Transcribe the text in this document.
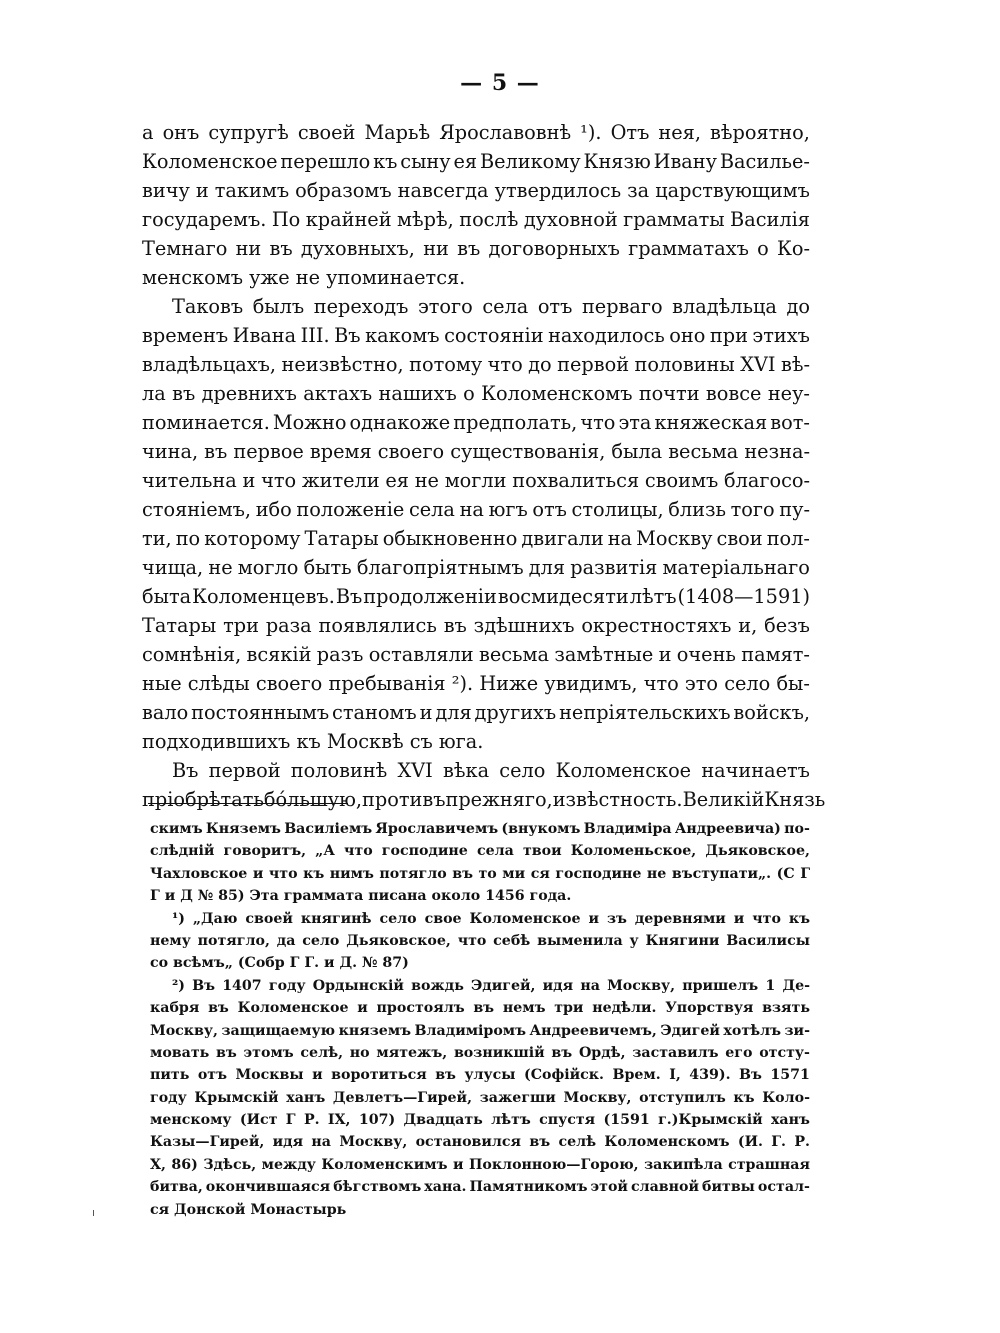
— 5 —
а онъ супругѣ своей Марьѣ Ярославовнѣ ¹). Отъ нея, вѣроятно,
Коломенское перешло къ сыну ея Великому Князю Ивану Василье-
вичу и такимъ образомъ навсегда утвердилось за царствующимъ
государемъ. По крайней мѣрѣ, послѣ духовной грамматы Василія
Темнаго ни въ духовныхъ, ни въ договорныхъ грамматахъ о Ко-
менскомъ уже не упоминается.
Таковъ былъ переходъ этого села отъ перваго владѣльца до
временъ Ивана III. Въ какомъ состояніи находилось оно при этихъ
владѣльцахъ, неизвѣстно, потому что до первой половины XVI вѣ-
ла въ древнихъ актахъ нашихъ о Коломенскомъ почти вовсе неу-
поминается. Можно однакоже предполать, что эта княжеская вот-
чина, въ первое время своего существованія, была весьма незна-
чительна и что жители ея не могли похвалиться своимъ благосо-
стояніемъ, ибо положеніе села на югъ отъ столицы, близь того пу-
ти, по которому Татары обыкновенно двигали на Москву свои пол-
чища, не могло быть благопріятнымъ для развитія матеріальнаго
быта Коломенцевъ. Въ продолженіи восмидесяти лѣтъ (1408—1591)
Татары три раза появлялись въ здѣшнихъ окрестностяхъ и, безъ
сомнѣнія, всякій разъ оставляли весьма замѣтные и очень памят-
ные слѣды своего пребыванія ²). Ниже увидимъ, что это село бы-
вало постояннымъ станомъ и для другихъ непріятельскихъ войскъ,
подходившихъ къ Москвѣ съ юга.
Въ первой половинѣ XVI вѣка село Коломенское начинаетъ
пріобрѣтать бо́льшую, противъ прежняго, извѣстность. Великій Князь
скимъ Княземъ Василіемъ Ярославичемъ (внукомъ Владиміра Андреевича) по-
слѣдній говоритъ, „А что господине села твои Коломеньское, Дьяковское,
Чахловское и что къ нимъ потягло въ то ми ся господине не въступати„. (С Г
Г и Д № 85) Эта граммата писана около 1456 года.
¹) „Даю своей княгинѣ село свое Коломенское и зъ деревнями и что къ
нему потягло, да село Дьяковское, что себѣ выменила у Княгини Василисы
со всѣмъ„ (Собр Г Г. и Д. № 87)
²) Въ 1407 году Ордынскій вождь Эдигей, идя на Москву, пришелъ 1 Де-
кабря въ Коломенское и простоялъ въ немъ три недѣли. Упорствуя взять
Москву, защищаемую княземъ Владиміромъ Андреевичемъ, Эдигей хотѣлъ зи-
мовать въ этомъ селѣ, но мятежъ, возникшій въ Ордѣ, заставилъ его отсту-
пить отъ Москвы и воротиться въ улусы (Софійск. Врем. I, 439). Въ 1571
году Крымскій ханъ Девлетъ—Гирей, зажегши Москву, отступилъ къ Коло-
менскому (Ист Г Р. IX, 107) Двадцать лѣтъ спустя (1591 г.)Крымскій ханъ
Казы—Гирей, идя на Москву, остановился въ селѣ Коломенскомъ (И. Г. Р.
Х, 86) Здѣсь, между Коломенскимъ и Поклонною—Горою, закипѣла страшная
битва, окончившаяся бѣгствомъ хана. Памятникомъ этой славной битвы остал-
ся Донской Монастырь
